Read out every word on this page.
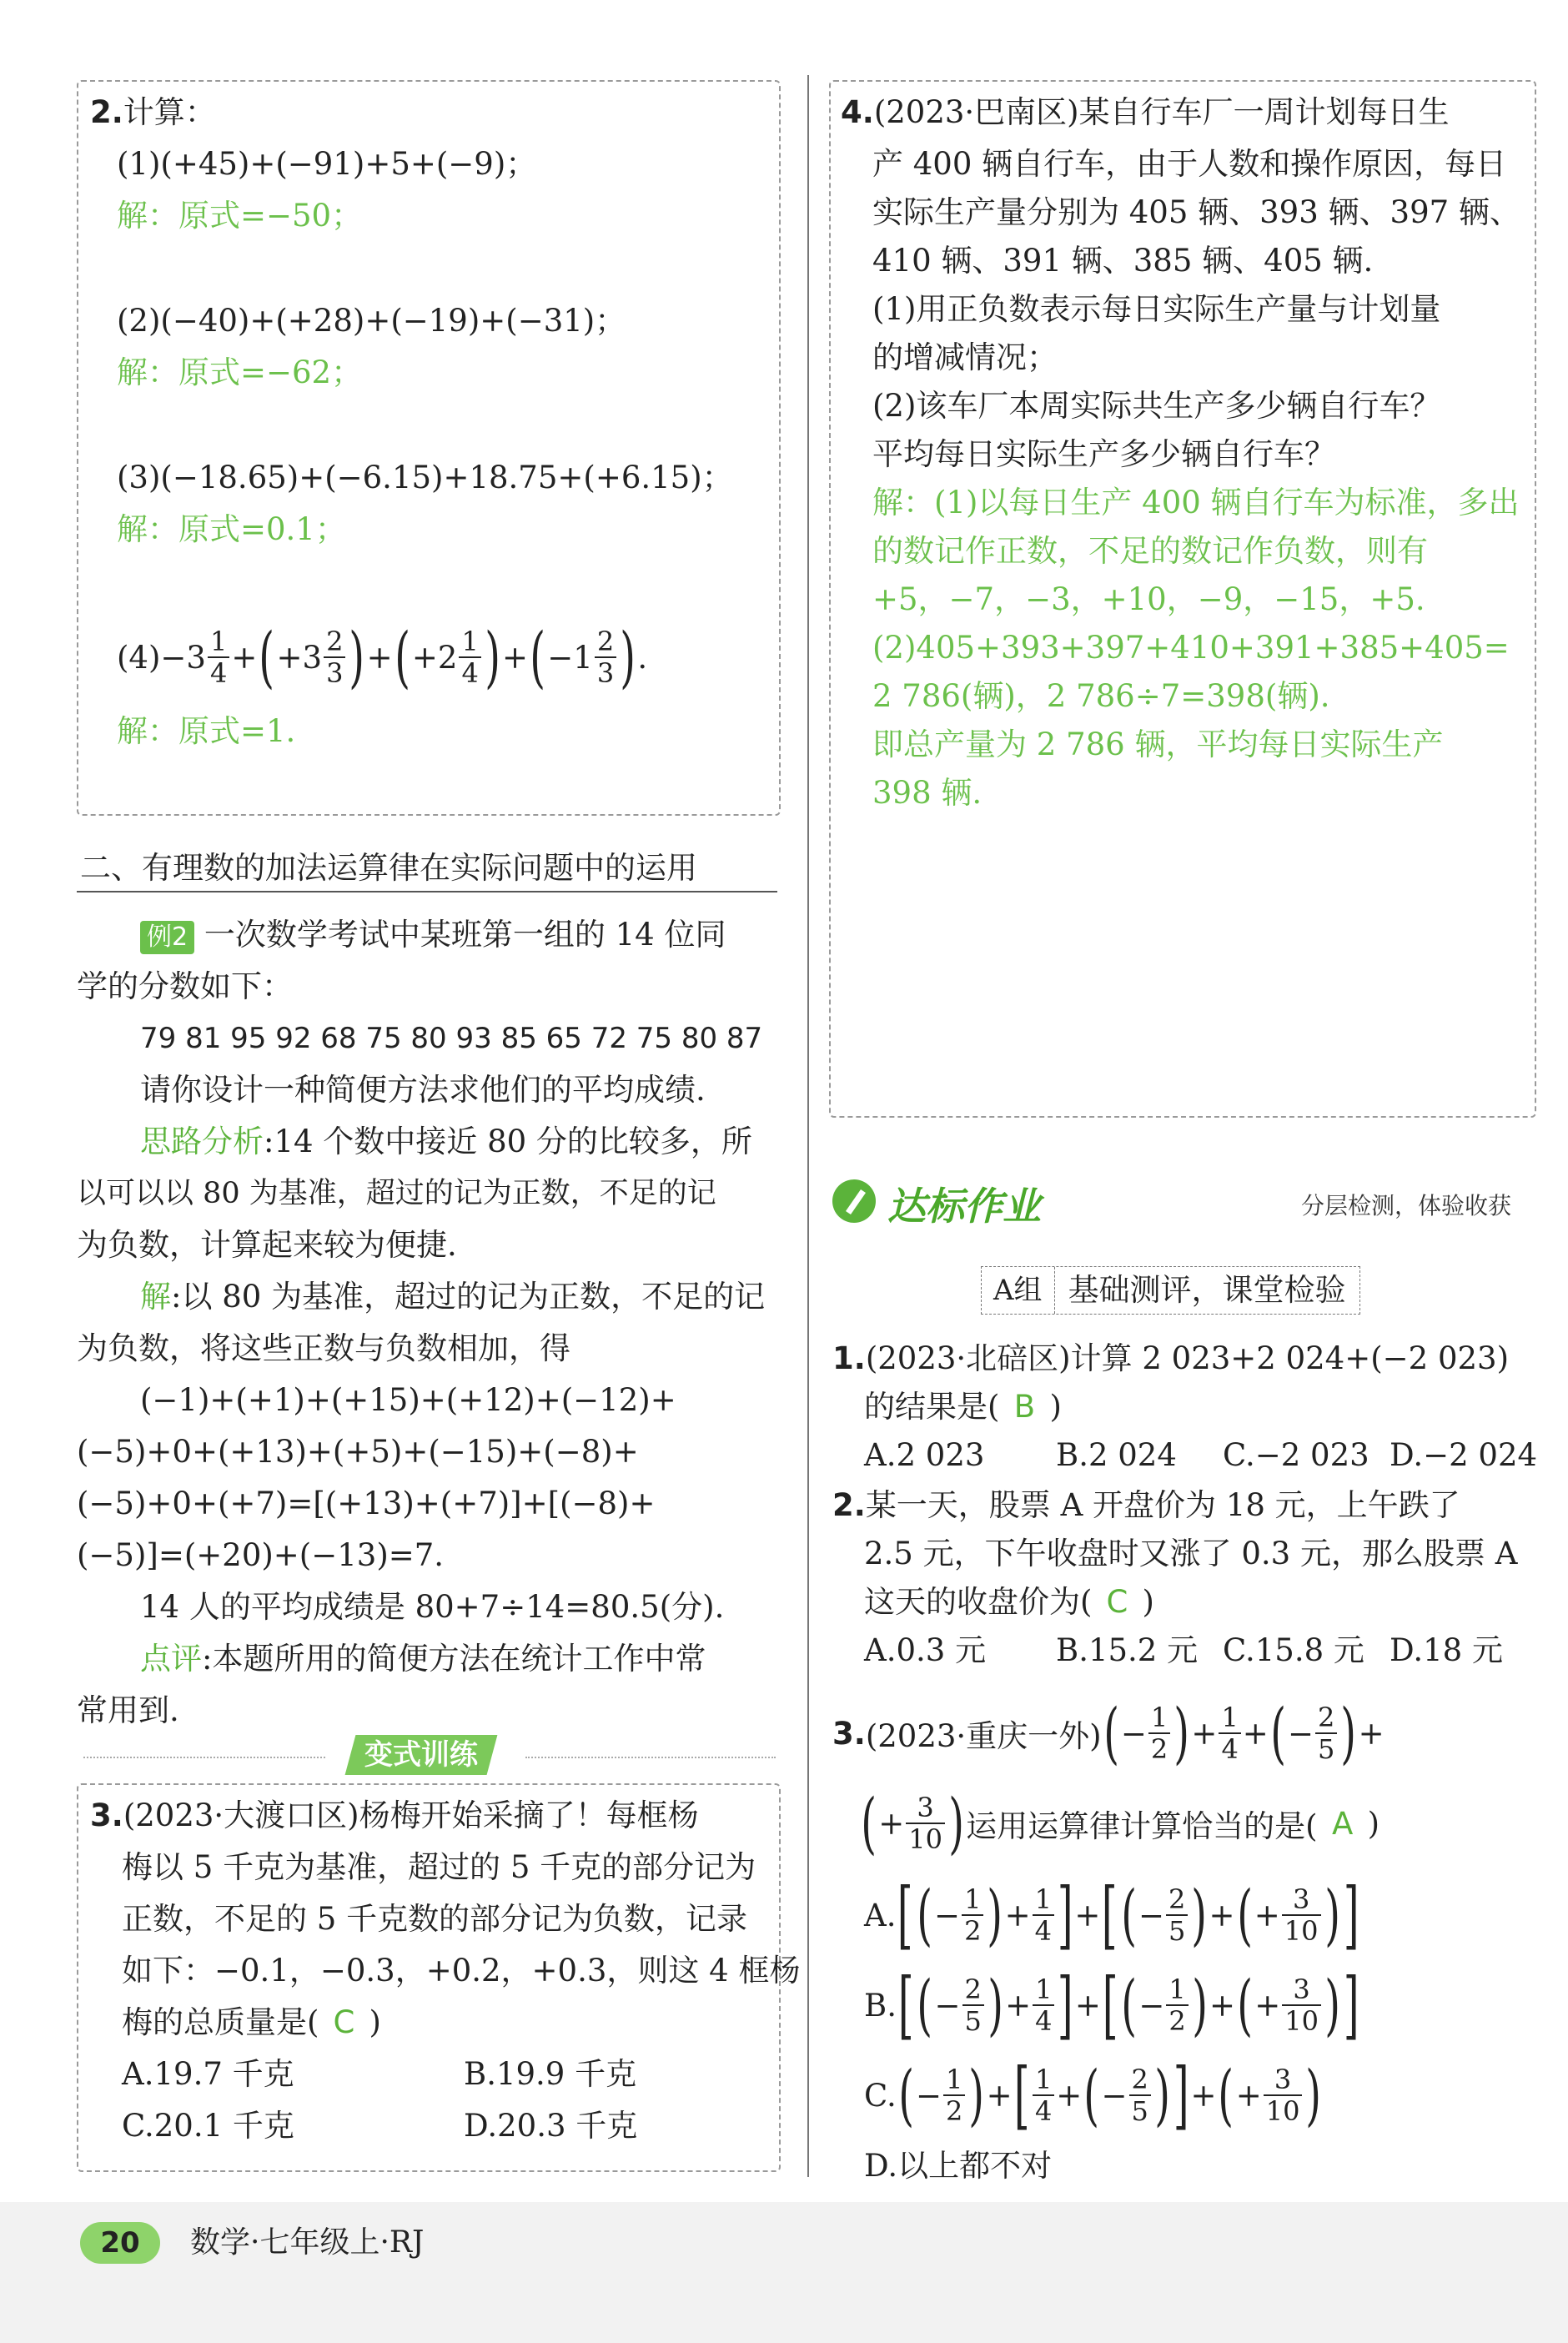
2.计算：
(1)(+45)+(−91)+5+(−9)；
解：原式=−50；
(2)(−40)+(+28)+(−19)+(−31)；
解：原式=−62；
(3)(−18.65)+(−6.15)+18.75+(+6.15)；
解：原式=0.1；
$(4)-3 \frac{1}{4}$ + ( $+3 \frac{2}{3}$ ) + ( $+2 \frac{1}{4}$ ) + ( $-1 \frac{2}{3}$ ) .
解：原式=1.
二、有理数的加法运算律在实际问题中的运用
例2 一次数学考试中某班第一组的 14 位同
学的分数如下：
79 81 95 92 68 75 80 93 85 65 72 75 80 87
请你设计一种简便方法求他们的平均成绩.
思路分析:14 个数中接近 80 分的比较多，所
以可以以 80 为基准，超过的记为正数，不足的记
为负数，计算起来较为便捷.
解:以 80 为基准，超过的记为正数，不足的记
为负数，将这些正数与负数相加，得
(−1)+(+1)+(+15)+(+12)+(−12)+
(−5)+0+(+13)+(+5)+(−15)+(−8)+
(−5)+0+(+7)=[(+13)+(+7)]+[(−8)+
(−5)]=(+20)+(−13)=7.
14 人的平均成绩是 80+7÷14=80.5(分).
点评:本题所用的简便方法在统计工作中常
常用到.
变式训练
3.(2023·大渡口区)杨梅开始采摘了！每框杨
梅以 5 千克为基准，超过的 5 千克的部分记为
正数，不足的 5 千克数的部分记为负数，记录
如下：−0.1，−0.3，+0.2，+0.3，则这 4 框杨
梅的总质量是( C )
A.19.7 千克	B.19.9 千克
C.20.1 千克	D.20.3 千克
4.(2023·巴南区)某自行车厂一周计划每日生
产 400 辆自行车，由于人数和操作原因，每日
实际生产量分别为 405 辆、393 辆、397 辆、
410 辆、391 辆、385 辆、405 辆.
(1)用正负数表示每日实际生产量与计划量
的增减情况；
(2)该车厂本周实际共生产多少辆自行车？
平均每日实际生产多少辆自行车？
解：(1)以每日生产 400 辆自行车为标准，多出
的数记作正数，不足的数记作负数，则有
+5，−7，−3，+10，−9，−15，+5.
(2)405+393+397+410+391+385+405=
2 786(辆)，2 786÷7=398(辆).
即总产量为 2 786 辆，平均每日实际生产
398 辆.
达标作业	分层检测，体验收获
A组 基础测评，课堂检验
1.(2023·北碚区)计算 2 023+2 024+(−2 023)
的结果是( B )
A.2 023 B.2 024 C.−2 023 D.−2 024
2.某一天，股票 A 开盘价为 18 元，上午跌了
2.5 元，下午收盘时又涨了 0.3 元，那么股票 A
这天的收盘价为( C )
A.0.3 元 B.15.2 元 C.15.8 元 D.18 元
3. (2023·重庆一外) ( − $\frac{1}{2}$ ) + $\frac{1}{4}$ + ( − $\frac{2}{5}$ ) +
( + $\frac{3}{10}$ ) 运用运算律计算恰当的是( A )
A. [ ( − $\frac{1}{2}$ ) + $\frac{1}{4}$ ] + [ ( − $\frac{2}{5}$ ) + ( + $\frac{3}{10}$ ) ]
B. [ ( − $\frac{2}{5}$ ) + $\frac{1}{4}$ ] + [ ( − $\frac{1}{2}$ ) + ( + $\frac{3}{10}$ ) ]
C. ( − $\frac{1}{2}$ ) + [ $\frac{1}{4}$ + ( − $\frac{2}{5}$ ) ] + ( + $\frac{3}{10}$ )
D.以上都不对
20	数学·七年级上·RJ
